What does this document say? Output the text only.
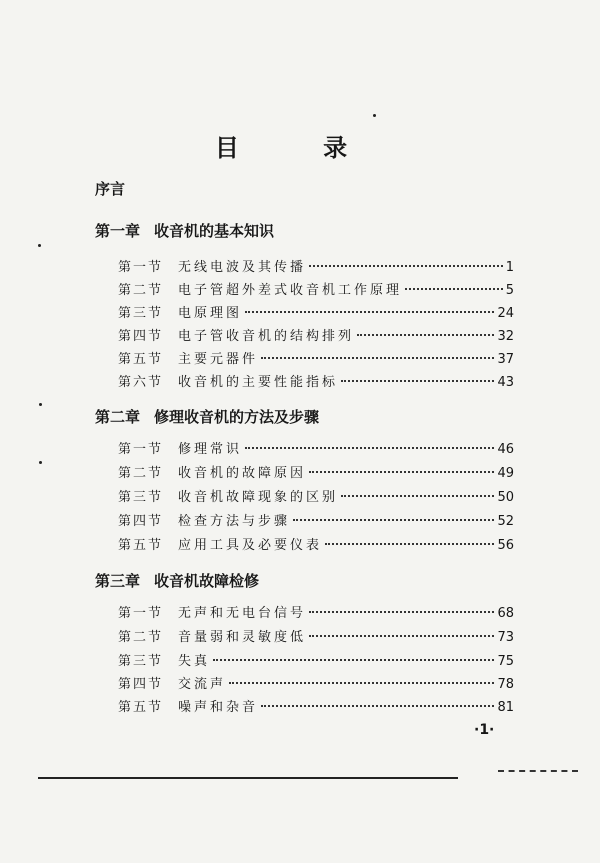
目 录
序言
第一章 收音机的基本知识
第一节	无线电波及其传播	1
第二节	电子管超外差式收音机工作原理	5
第三节	电原理图	24
第四节	电子管收音机的结构排列	32
第五节	主要元器件	37
第六节	收音机的主要性能指标	43
第二章 修理收音机的方法及步骤
第一节	修理常识	46
第二节	收音机的故障原因	49
第三节	收音机故障现象的区别	50
第四节	检查方法与步骤	52
第五节	应用工具及必要仪表	56
第三章 收音机故障检修
第一节	无声和无电台信号	68
第二节	音量弱和灵敏度低	73
第三节	失真	75
第四节	交流声	78
第五节	噪声和杂音	81
·1·
